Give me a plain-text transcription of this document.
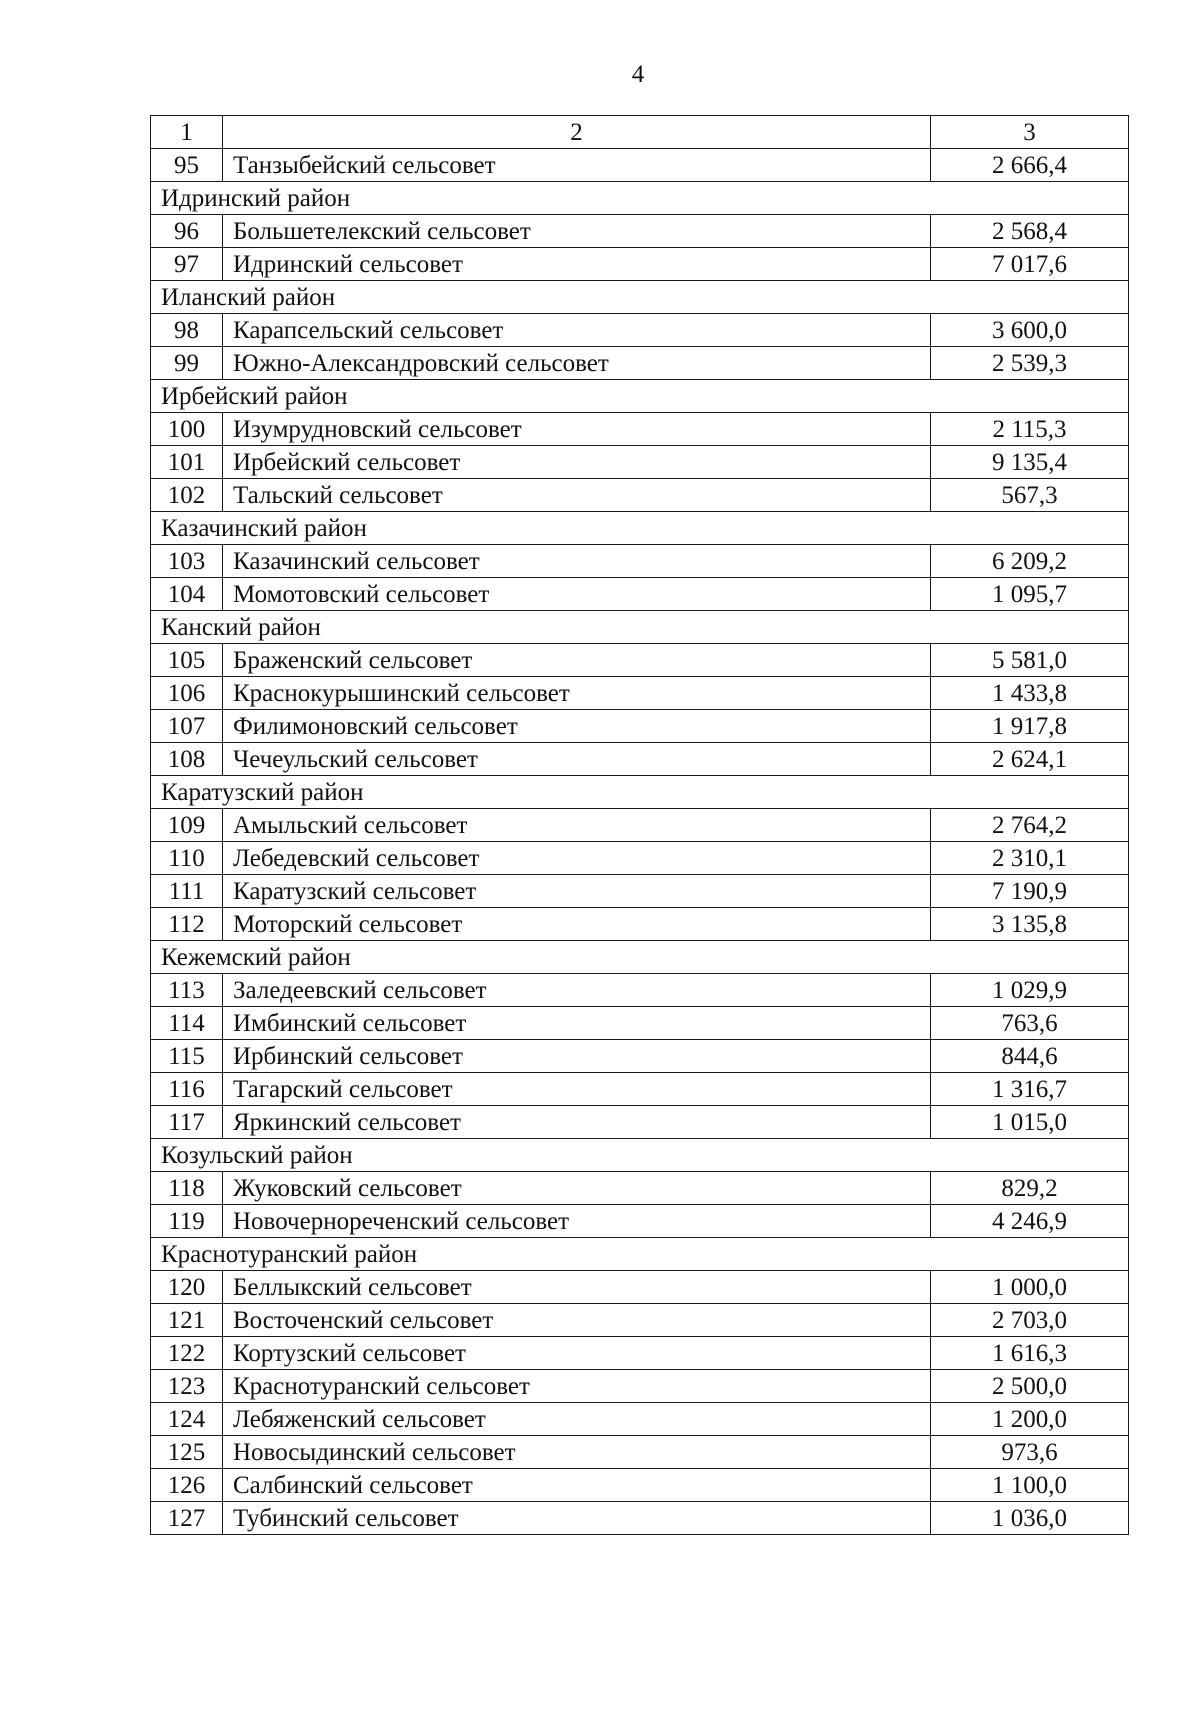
4
1	2	3
95	Танзыбейский сельсовет	2 666,4
Идринский район		
96	Большетелекский сельсовет	2 568,4
97	Идринский сельсовет	7 017,6
Иланский район		
98	Карапсельский сельсовет	3 600,0
99	Южно-Александровский сельсовет	2 539,3
Ирбейский район		
100	Изумрудновский сельсовет	2 115,3
101	Ирбейский сельсовет	9 135,4
102	Тальский сельсовет	567,3
Казачинский район		
103	Казачинский сельсовет	6 209,2
104	Момотовский сельсовет	1 095,7
Канский район		
105	Браженский сельсовет	5 581,0
106	Краснокурышинский сельсовет	1 433,8
107	Филимоновский сельсовет	1 917,8
108	Чечеульский сельсовет	2 624,1
Каратузский район		
109	Амыльский сельсовет	2 764,2
110	Лебедевский сельсовет	2 310,1
111	Каратузский сельсовет	7 190,9
112	Моторский сельсовет	3 135,8
Кежемский район		
113	Заледеевский сельсовет	1 029,9
114	Имбинский сельсовет	763,6
115	Ирбинский сельсовет	844,6
116	Тагарский сельсовет	1 316,7
117	Яркинский сельсовет	1 015,0
Козульский район		
118	Жуковский сельсовет	829,2
119	Новочернореченский сельсовет	4 246,9
Краснотуранский район		
120	Беллыкский сельсовет	1 000,0
121	Восточенский сельсовет	2 703,0
122	Кортузский сельсовет	1 616,3
123	Краснотуранский сельсовет	2 500,0
124	Лебяженский сельсовет	1 200,0
125	Новосыдинский сельсовет	973,6
126	Салбинский сельсовет	1 100,0
127	Тубинский сельсовет	1 036,0
